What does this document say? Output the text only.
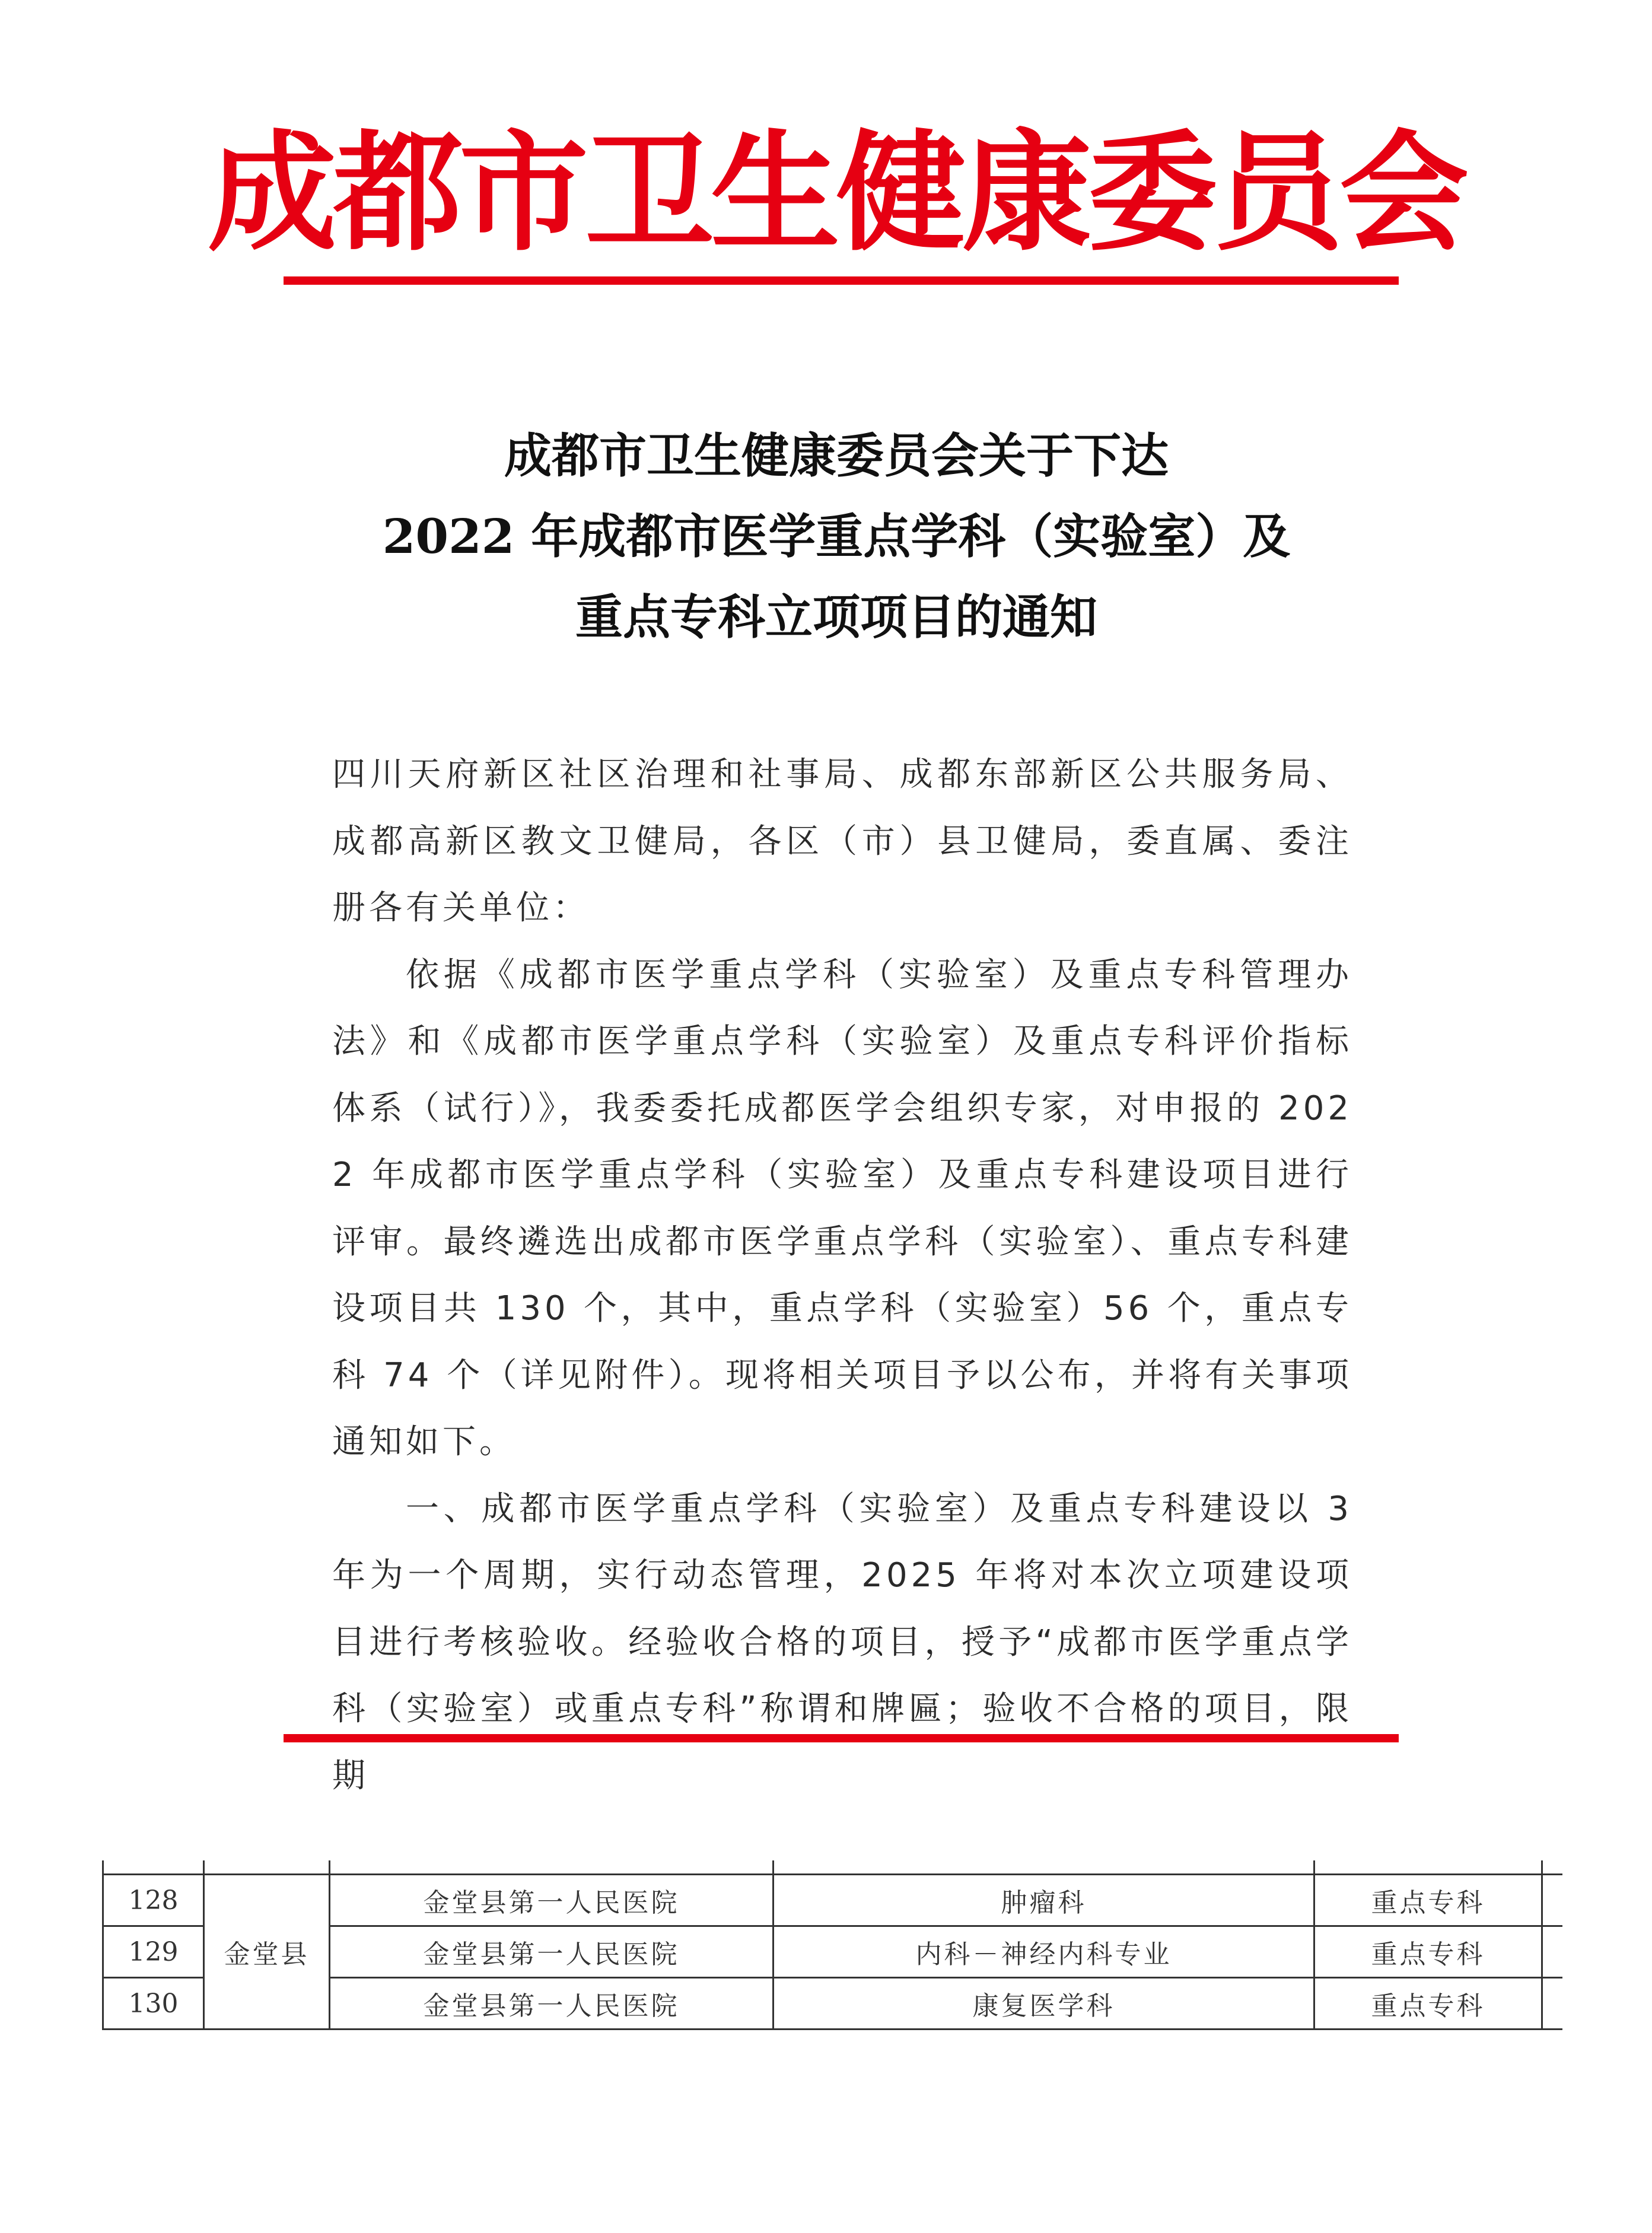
成都市卫生健康委员会
成都市卫生健康委员会关于下达
2022 年成都市医学重点学科（实验室）及
重点专科立项项目的通知

四川天府新区社区治理和社事局、成都东部新区公共服务局、成都高新区教文卫健局，各区（市）县卫健局，委直属、委注册各有关单位：

依据《成都市医学重点学科（实验室）及重点专科管理办法》和《成都市医学重点学科（实验室）及重点专科评价指标体系（试行）》，我委委托成都医学会组织专家，对申报的 2022 年成都市医学重点学科（实验室）及重点专科建设项目进行评审。最终遴选出成都市医学重点学科（实验室）、重点专科建设项目共 130 个，其中，重点学科（实验室）56 个，重点专科 74 个（详见附件）。现将相关项目予以公布，并将有关事项通知如下。

一、成都市医学重点学科（实验室）及重点专科建设以 3 年为一个周期，实行动态管理，2025 年将对本次立项建设项目进行考核验收。经验收合格的项目，授予“成都市医学重点学科（实验室）或重点专科”称谓和牌匾；验收不合格的项目，限期

128	金堂县	金堂县第一人民医院	肿瘤科	重点专科	
129		金堂县第一人民医院	内科－神经内科专业	重点专科	
130		金堂县第一人民医院	康复医学科	重点专科	
